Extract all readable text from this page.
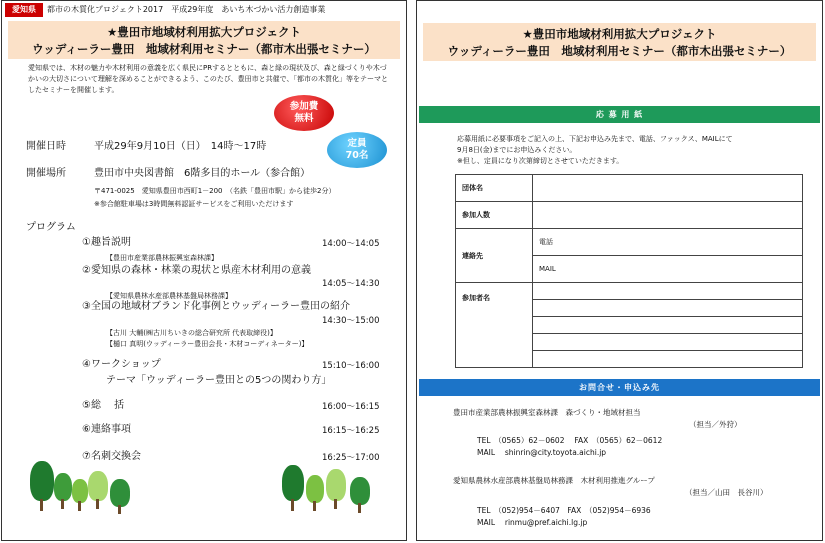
愛知県	都市の木質化プロジェクト2017　平成29年度　あいち木づかい活力創造事業
★豊田市地域材利用拡大プロジェクト
ウッディーラー豊田　地域材利用セミナー（都市木出張セミナー）
愛知県では、木材の魅力や木材利用の意義を広く県民にPRするとともに、森と緑の現状及び、森と緑づくりや木づかいの大切さについて理解を深めることができるよう、このたび、豊田市と共催で、「都市の木質化」等をテーマとしたセミナーを開催します。
参加費
無料
定員
70名
開催日時	平成29年9月10日（日）　14時～17時
開催場所	豊田市中央図書館　6階多目的ホール（参合館）
〒471-0025　愛知県豊田市西町1－200　（名鉄「豊田市駅」から徒歩2分）
※参合館駐車場は3時間無料認証サービスをご利用いただけます
プログラム
①趣旨説明	14:00～14:05
【豊田市産業部農林振興室森林課】
②愛知県の森林・林業の現状と県産木材利用の意義
14:05～14:30
【愛知県農林水産部農林基盤局林務課】
③全国の地域材ブランド化事例とウッディーラー豊田の紹介
14:30～15:00
【古川 大輔(㈱古川ちいきの総合研究所 代表取締役)】
【樋口 真明(ウッディーラー豊田会長・木材コーディネーター)】
④ワークショップ	15:10～16:00
テーマ「ウッディーラー豊田との5つの関わり方」
⑤総　 括	16:00～16:15
⑥連絡事項	16:15～16:25
⑦名刺交換会	16:25～17:00
★豊田市地域材利用拡大プロジェクト
ウッディーラー豊田　地域材利用セミナー（都市木出張セミナー）
応 募 用 紙
応募用紙に必要事項をご記入の上、下記お申込み先まで、電話、ファックス、MAILにて
9月8日(金)までにお申込みください。
※但し、定員になり次第締切とさせていただきます。
団体名	
参加人数	
連絡先	電話
	MAIL
参加者名	

お問合せ・申込み先
豊田市産業部農林振興室森林課　森づくり・地域材担当
（担当／外狩）
TEL　（0565）62－0602　 FAX　（0565）62－0612
MAIL　 shinrin@city.toyota.aichi.jp
愛知県農林水産部農林基盤局林務課　木材利用推進グループ
（担当／山田　長谷川）
TEL　（052)954－6407　FAX　（052)954－6936
MAIL　 rinmu@pref.aichi.lg.jp
